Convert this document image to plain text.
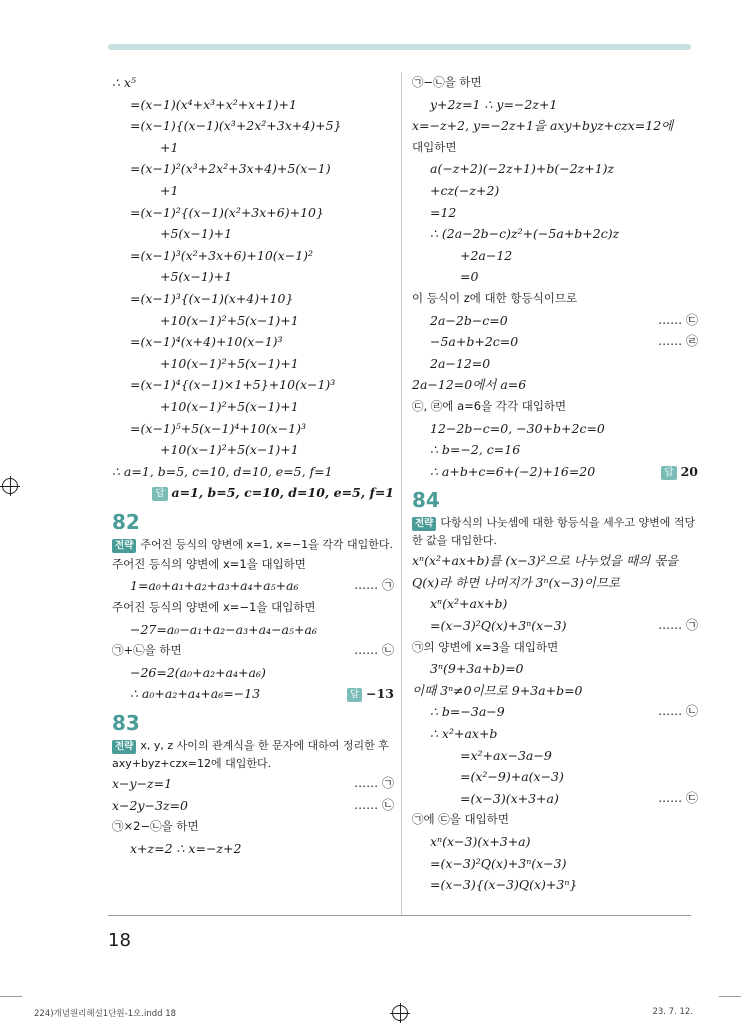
∴ x⁵
=(x−1)(x⁴+x³+x²+x+1)+1
=(x−1){(x−1)(x³+2x²+3x+4)+5}
+1
=(x−1)²(x³+2x²+3x+4)+5(x−1)
+1
=(x−1)²{(x−1)(x²+3x+6)+10}
+5(x−1)+1
=(x−1)³(x²+3x+6)+10(x−1)²
+5(x−1)+1
=(x−1)³{(x−1)(x+4)+10}
+10(x−1)²+5(x−1)+1
=(x−1)⁴(x+4)+10(x−1)³
+10(x−1)²+5(x−1)+1
=(x−1)⁴{(x−1)×1+5}+10(x−1)³
+10(x−1)²+5(x−1)+1
=(x−1)⁵+5(x−1)⁴+10(x−1)³
+10(x−1)²+5(x−1)+1
∴ a=1, b=5, c=10, d=10, e=5, f=1
답 a=1, b=5, c=10, d=10, e=5, f=1
82
전략 주어진 등식의 양변에 x=1, x=−1을 각각 대입한다.
주어진 등식의 양변에 x=1을 대입하면
1=a₀+a₁+a₂+a₃+a₄+a₅+a₆	…… ㉠
주어진 등식의 양변에 x=−1을 대입하면
−27=a₀−a₁+a₂−a₃+a₄−a₅+a₆
…… ㉡
㉠+㉡을 하면
−26=2(a₀+a₂+a₄+a₆)
∴ a₀+a₂+a₄+a₆=−13	답 −13
83
전략 x, y, z 사이의 관계식을 한 문자에 대하여 정리한 후 axy+byz+czx=12에 대입한다.
x−y−z=1	…… ㉠
x−2y−3z=0	…… ㉡
㉠×2−㉡을 하면
x+z=2 ∴ x=−z+2
㉠−㉡을 하면
y+2z=1 ∴ y=−2z+1
x=−z+2, y=−2z+1을 axy+byz+czx=12에
대입하면
a(−z+2)(−2z+1)+b(−2z+1)z
+cz(−z+2)
=12
∴ (2a−2b−c)z²+(−5a+b+2c)z
+2a−12
=0
이 등식이 z에 대한 항등식이므로
2a−2b−c=0	…… ㉢
−5a+b+2c=0	…… ㉣
2a−12=0
2a−12=0에서 a=6
㉢, ㉣에 a=6을 각각 대입하면
12−2b−c=0, −30+b+2c=0
∴ b=−2, c=16
∴ a+b+c=6+(−2)+16=20	답 20
84
전략 다항식의 나눗셈에 대한 항등식을 세우고 양변에 적당한 값을 대입한다.
xⁿ(x²+ax+b)를 (x−3)²으로 나누었을 때의 몫을
Q(x)라 하면 나머지가 3ⁿ(x−3)이므로
xⁿ(x²+ax+b)
=(x−3)²Q(x)+3ⁿ(x−3)	…… ㉠
㉠의 양변에 x=3을 대입하면
3ⁿ(9+3a+b)=0
이때 3ⁿ≠0이므로 9+3a+b=0
∴ b=−3a−9	…… ㉡
∴ x²+ax+b
=x²+ax−3a−9
=(x²−9)+a(x−3)
=(x−3)(x+3+a)	…… ㉢
㉠에 ㉢을 대입하면
xⁿ(x−3)(x+3+a)
=(x−3)²Q(x)+3ⁿ(x−3)
=(x−3){(x−3)Q(x)+3ⁿ}
18
224)개념원리해설1단원-1오.indd 18	23. 7. 12.
